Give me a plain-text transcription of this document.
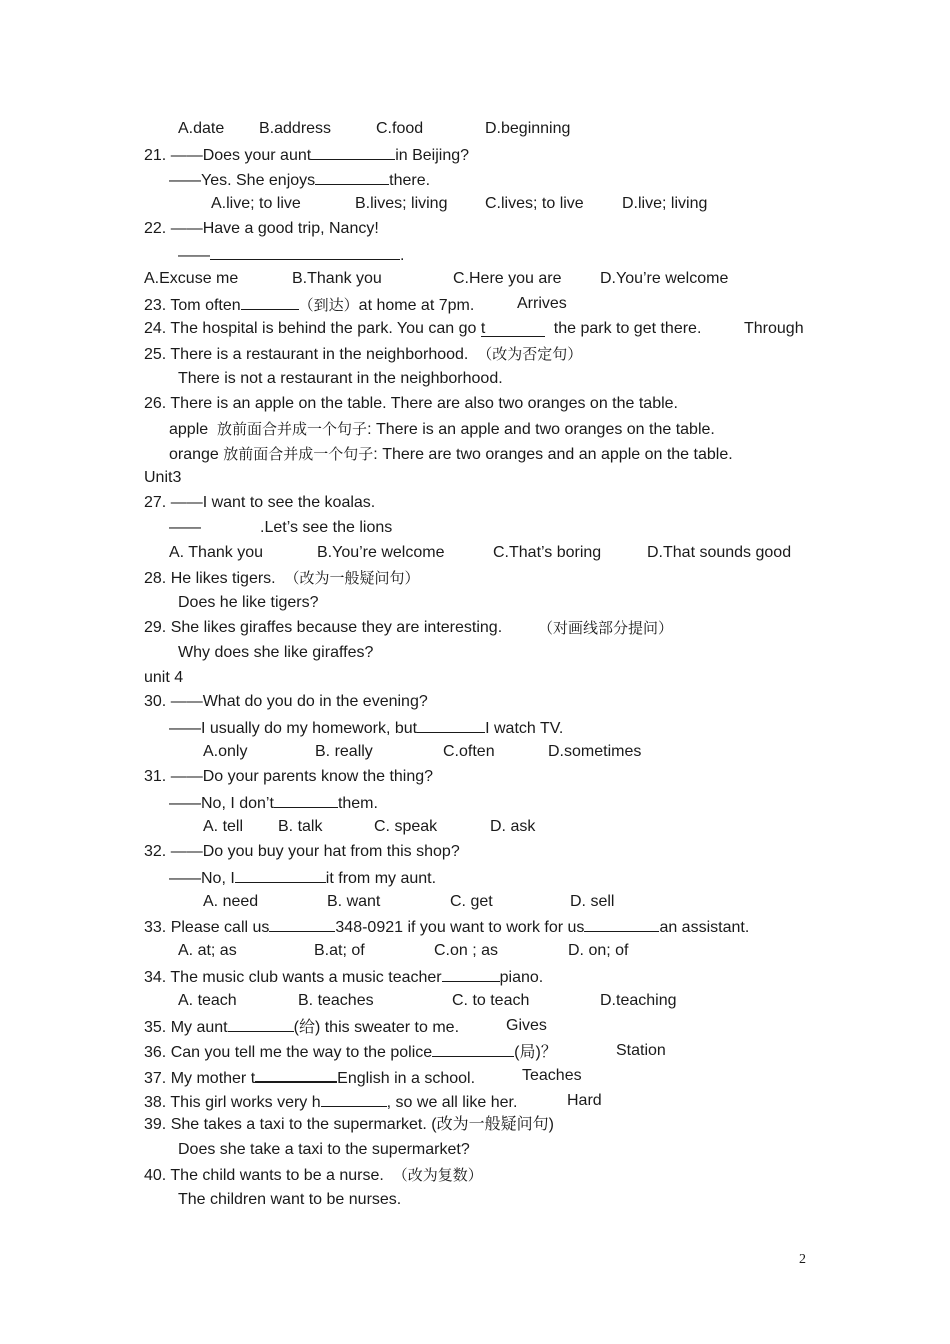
A.date B.address	C.food	D.beginning
21. ——Does your aunt	in Beijing?
——Yes. She enjoys	there.
A.live; to live	B.lives; living C.lives; to live D.live; living
22. ——Have a good trip, Nancy!
——	.
A.Excuse me	B.Thank you	C.Here you are D.You’re welcome
23. Tom often	（到达）at home at 7pm.	Arrives
24. The hospital is behind the park. You can go t	the park to get there.	Through
25. There is a restaurant in the neighborhood. （改为否定句）
There is not a restaurant in the neighborhood.
26. There is an apple on the table. There are also two oranges on the table.
apple 放前面合并成一个句子: There is an apple and two oranges on the table.
orange 放前面合并成一个句子: There are two oranges and an apple on the table.
Unit3
27. ——I want to see the koalas.
——	.Let’s see the lions
A. Thank you	B.You’re welcome	C.That’s boring	D.That sounds good
28. He likes tigers. （改为一般疑问句）
Does he like tigers?
29. She likes giraffes because they are interesting. （对画线部分提问）
Why does she like giraffes?
unit 4
30. ——What do you do in the evening?
——I usually do my homework, but	I watch TV.
A.only	B. really	C.often	D.sometimes
31. ——Do your parents know the thing?
——No, I don’t	them.
A. tell B. talk	C. speak	D. ask
32. ——Do you buy your hat from this shop?
——No, I	it from my aunt.
A. need	B. want	C. get	D. sell
33. Please call us	348-0921 if you want to work for us	an assistant.
A. at; as	B.at; of	C.on ; as	D. on; of
34. The music club wants a music teacher	piano.
A. teach	B. teaches	C. to teach	D.teaching
35. My aunt	(给) this sweater to me.	Gives
36. Can you tell me the way to the police	(局)？	Station
37. My mother t	English in a school.	Teaches
38. This girl works very h	, so we all like her.	Hard
39. She takes a taxi to the supermarket. (改为一般疑问句)
Does she take a taxi to the supermarket?
40. The child wants to be a nurse. （改为复数）
The children want to be nurses.
2
